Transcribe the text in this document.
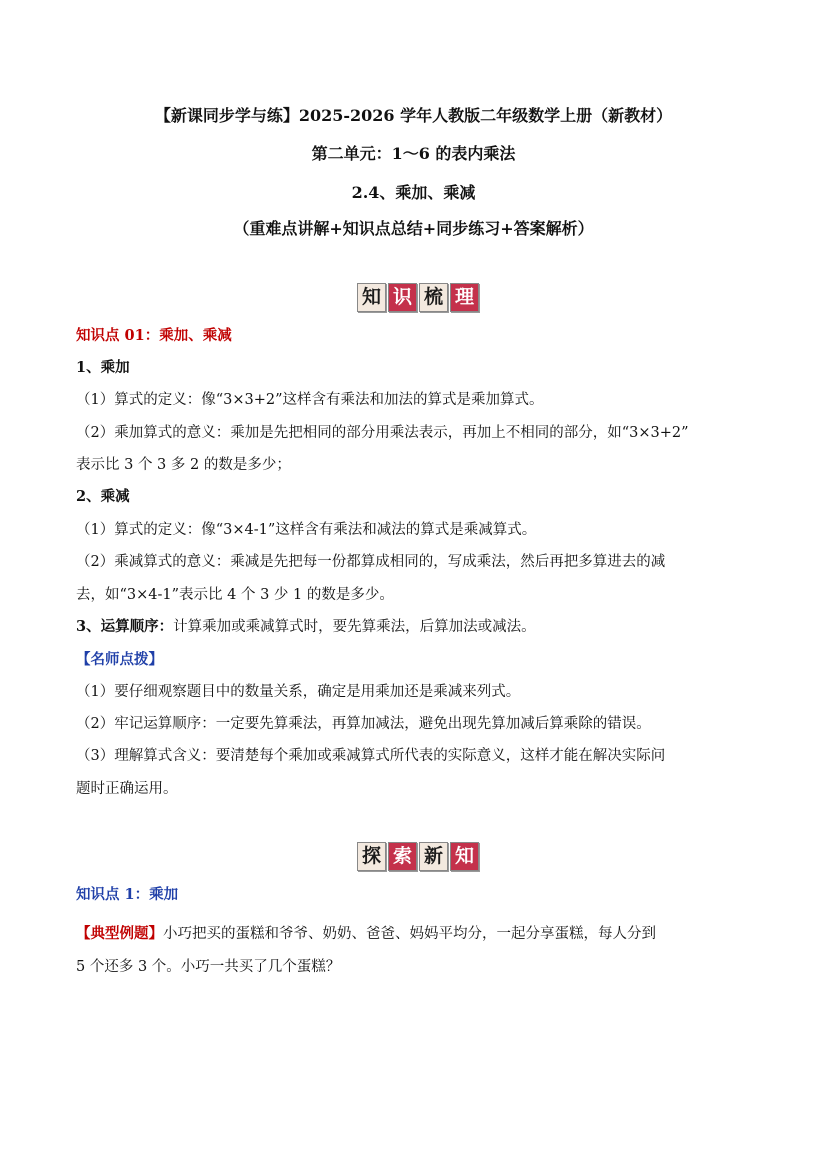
【新课同步学与练】2025-2026 学年人教版二年级数学上册（新教材）
第二单元：1～6 的表内乘法
2.4、乘加、乘减
（重难点讲解+知识点总结+同步练习+答案解析）
知 识 梳 理
知识点 01：乘加、乘减
1、乘加
（1）算式的定义：像“3×3+2”这样含有乘法和加法的算式是乘加算式。
（2）乘加算式的意义：乘加是先把相同的部分用乘法表示，再加上不相同的部分，如“3×3+2”
表示比 3 个 3 多 2 的数是多少；
2、乘减
（1）算式的定义：像“3×4-1”这样含有乘法和减法的算式是乘减算式。
（2）乘减算式的意义：乘减是先把每一份都算成相同的，写成乘法，然后再把多算进去的减
去，如“3×4-1”表示比 4 个 3 少 1 的数是多少。
3、运算顺序：计算乘加或乘减算式时，要先算乘法，后算加法或减法。
【名师点拨】
（1）要仔细观察题目中的数量关系，确定是用乘加还是乘减来列式。
（2）牢记运算顺序：一定要先算乘法，再算加减法，避免出现先算加减后算乘除的错误。
（3）理解算式含义：要清楚每个乘加或乘减算式所代表的实际意义，这样才能在解决实际问
题时正确运用。
探 索 新 知
知识点 1：乘加
【典型例题】小巧把买的蛋糕和爷爷、奶奶、爸爸、妈妈平均分，一起分享蛋糕，每人分到
5 个还多 3 个。小巧一共买了几个蛋糕？
